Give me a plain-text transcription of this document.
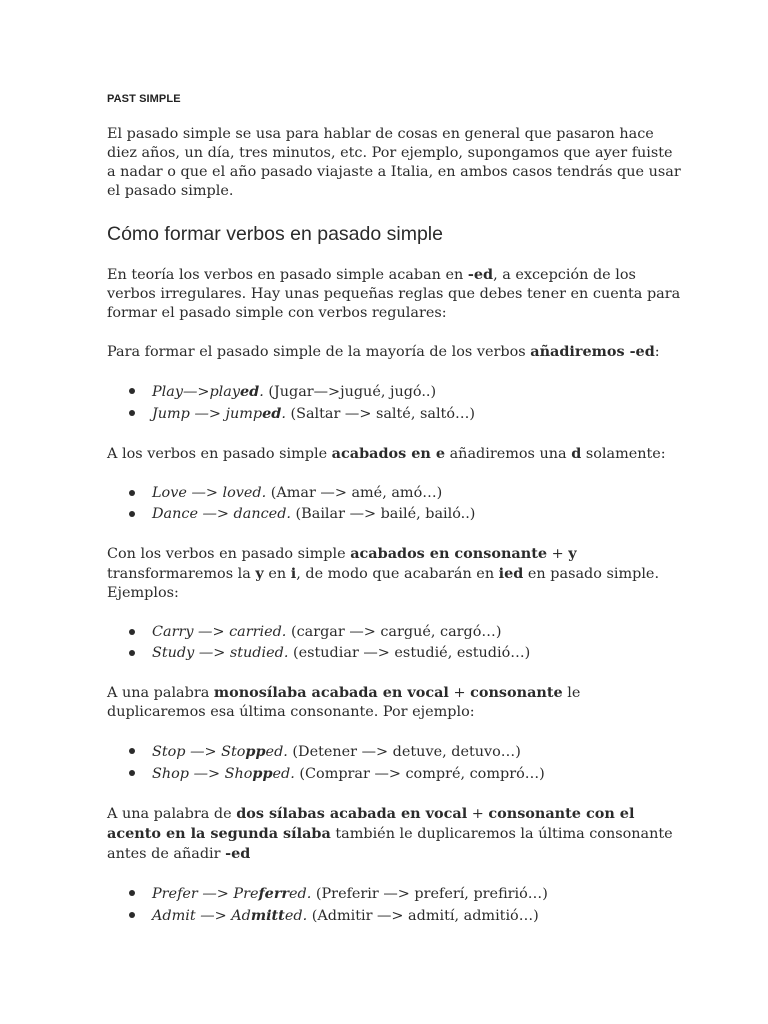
PAST SIMPLE

El pasado simple se usa para hablar de cosas en general que pasaron hace diez años, un día, tres minutos, etc. Por ejemplo, supongamos que ayer fuiste a nadar o que el año pasado viajaste a Italia, en ambos casos tendrás que usar el pasado simple.

Cómo formar verbos en pasado simple

En teoría los verbos en pasado simple acaban en -ed, a excepción de los verbos irregulares. Hay unas pequeñas reglas que debes tener en cuenta para formar el pasado simple con verbos regulares:

Para formar el pasado simple de la mayoría de los verbos añadiremos -ed:

Play—>played. (Jugar—>jugué, jugó..)
Jump —> jumped. (Saltar —> salté, saltó…)

A los verbos en pasado simple acabados en e añadiremos una d solamente:

Love —> loved. (Amar —> amé, amó…)
Dance —> danced. (Bailar —> bailé, bailó..)

Con los verbos en pasado simple acabados en consonante + y transformaremos la y en i, de modo que acabarán en ied en pasado simple. Ejemplos:

Carry —> carried. (cargar —> cargué, cargó…)
Study —> studied. (estudiar —> estudié, estudió…)

A una palabra monosílaba acabada en vocal + consonante le duplicaremos esa última consonante. Por ejemplo:

Stop —> Stopped. (Detener —> detuve, detuvo…)
Shop —> Shopped. (Comprar —> compré, compró…)

A una palabra de dos sílabas acabada en vocal + consonante con el acento en la segunda sílaba también le duplicaremos la última consonante antes de añadir -ed

Prefer —> Preferred. (Preferir —> preferí, prefirió…)
Admit —> Admitted. (Admitir —> admití, admitió…)
